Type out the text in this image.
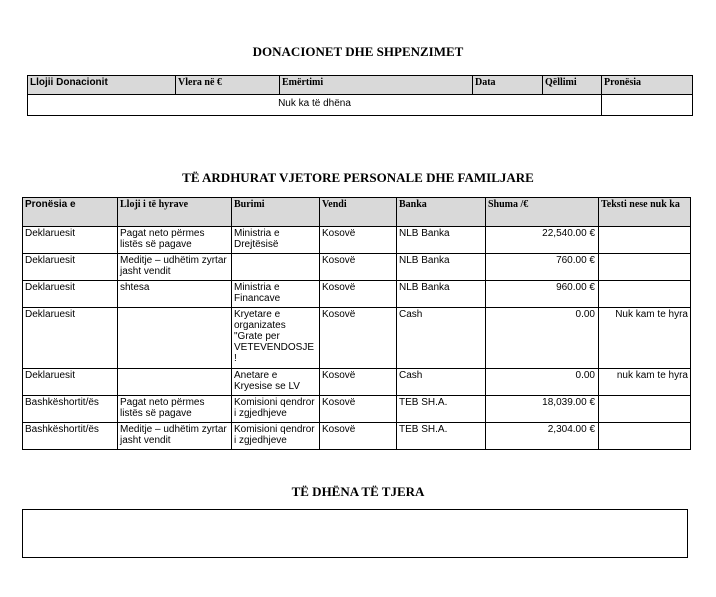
DONACIONET DHE SHPENZIMET
Llojii Donacionit	Vlera në €	Emërtimi	Data	Qëllimi	Pronësia
Nuk ka të dhëna					
TË ARDHURAT VJETORE PERSONALE DHE FAMILJARE
Pronësia e	Lloji i të hyrave	Burimi	Vendi	Banka	Shuma /€	Teksti nese nuk ka
Deklaruesit	Pagat neto përmes listës së pagave	Ministria e Drejtësisë	Kosovë	NLB Banka	22,540.00 €	
Deklaruesit	Meditje – udhëtim zyrtar jasht vendit		Kosovë	NLB Banka	760.00 €	
Deklaruesit	shtesa	Ministria e Financave	Kosovë	NLB Banka	960.00 €	
Deklaruesit		Kryetare e organizates "Grate per VETEVENDOSJE !	Kosovë	Cash	0.00	Nuk kam te hyra
Deklaruesit		Anetare e Kryesise se LV	Kosovë	Cash	0.00	nuk kam te hyra
Bashkëshortit/ës	Pagat neto përmes listës së pagave	Komisioni qendror i zgjedhjeve	Kosovë	TEB SH.A.	18,039.00 €	
Bashkëshortit/ës	Meditje – udhëtim zyrtar jasht vendit	Komisioni qendror i zgjedhjeve	Kosovë	TEB SH.A.	2,304.00 €	
TË DHËNA TË TJERA
